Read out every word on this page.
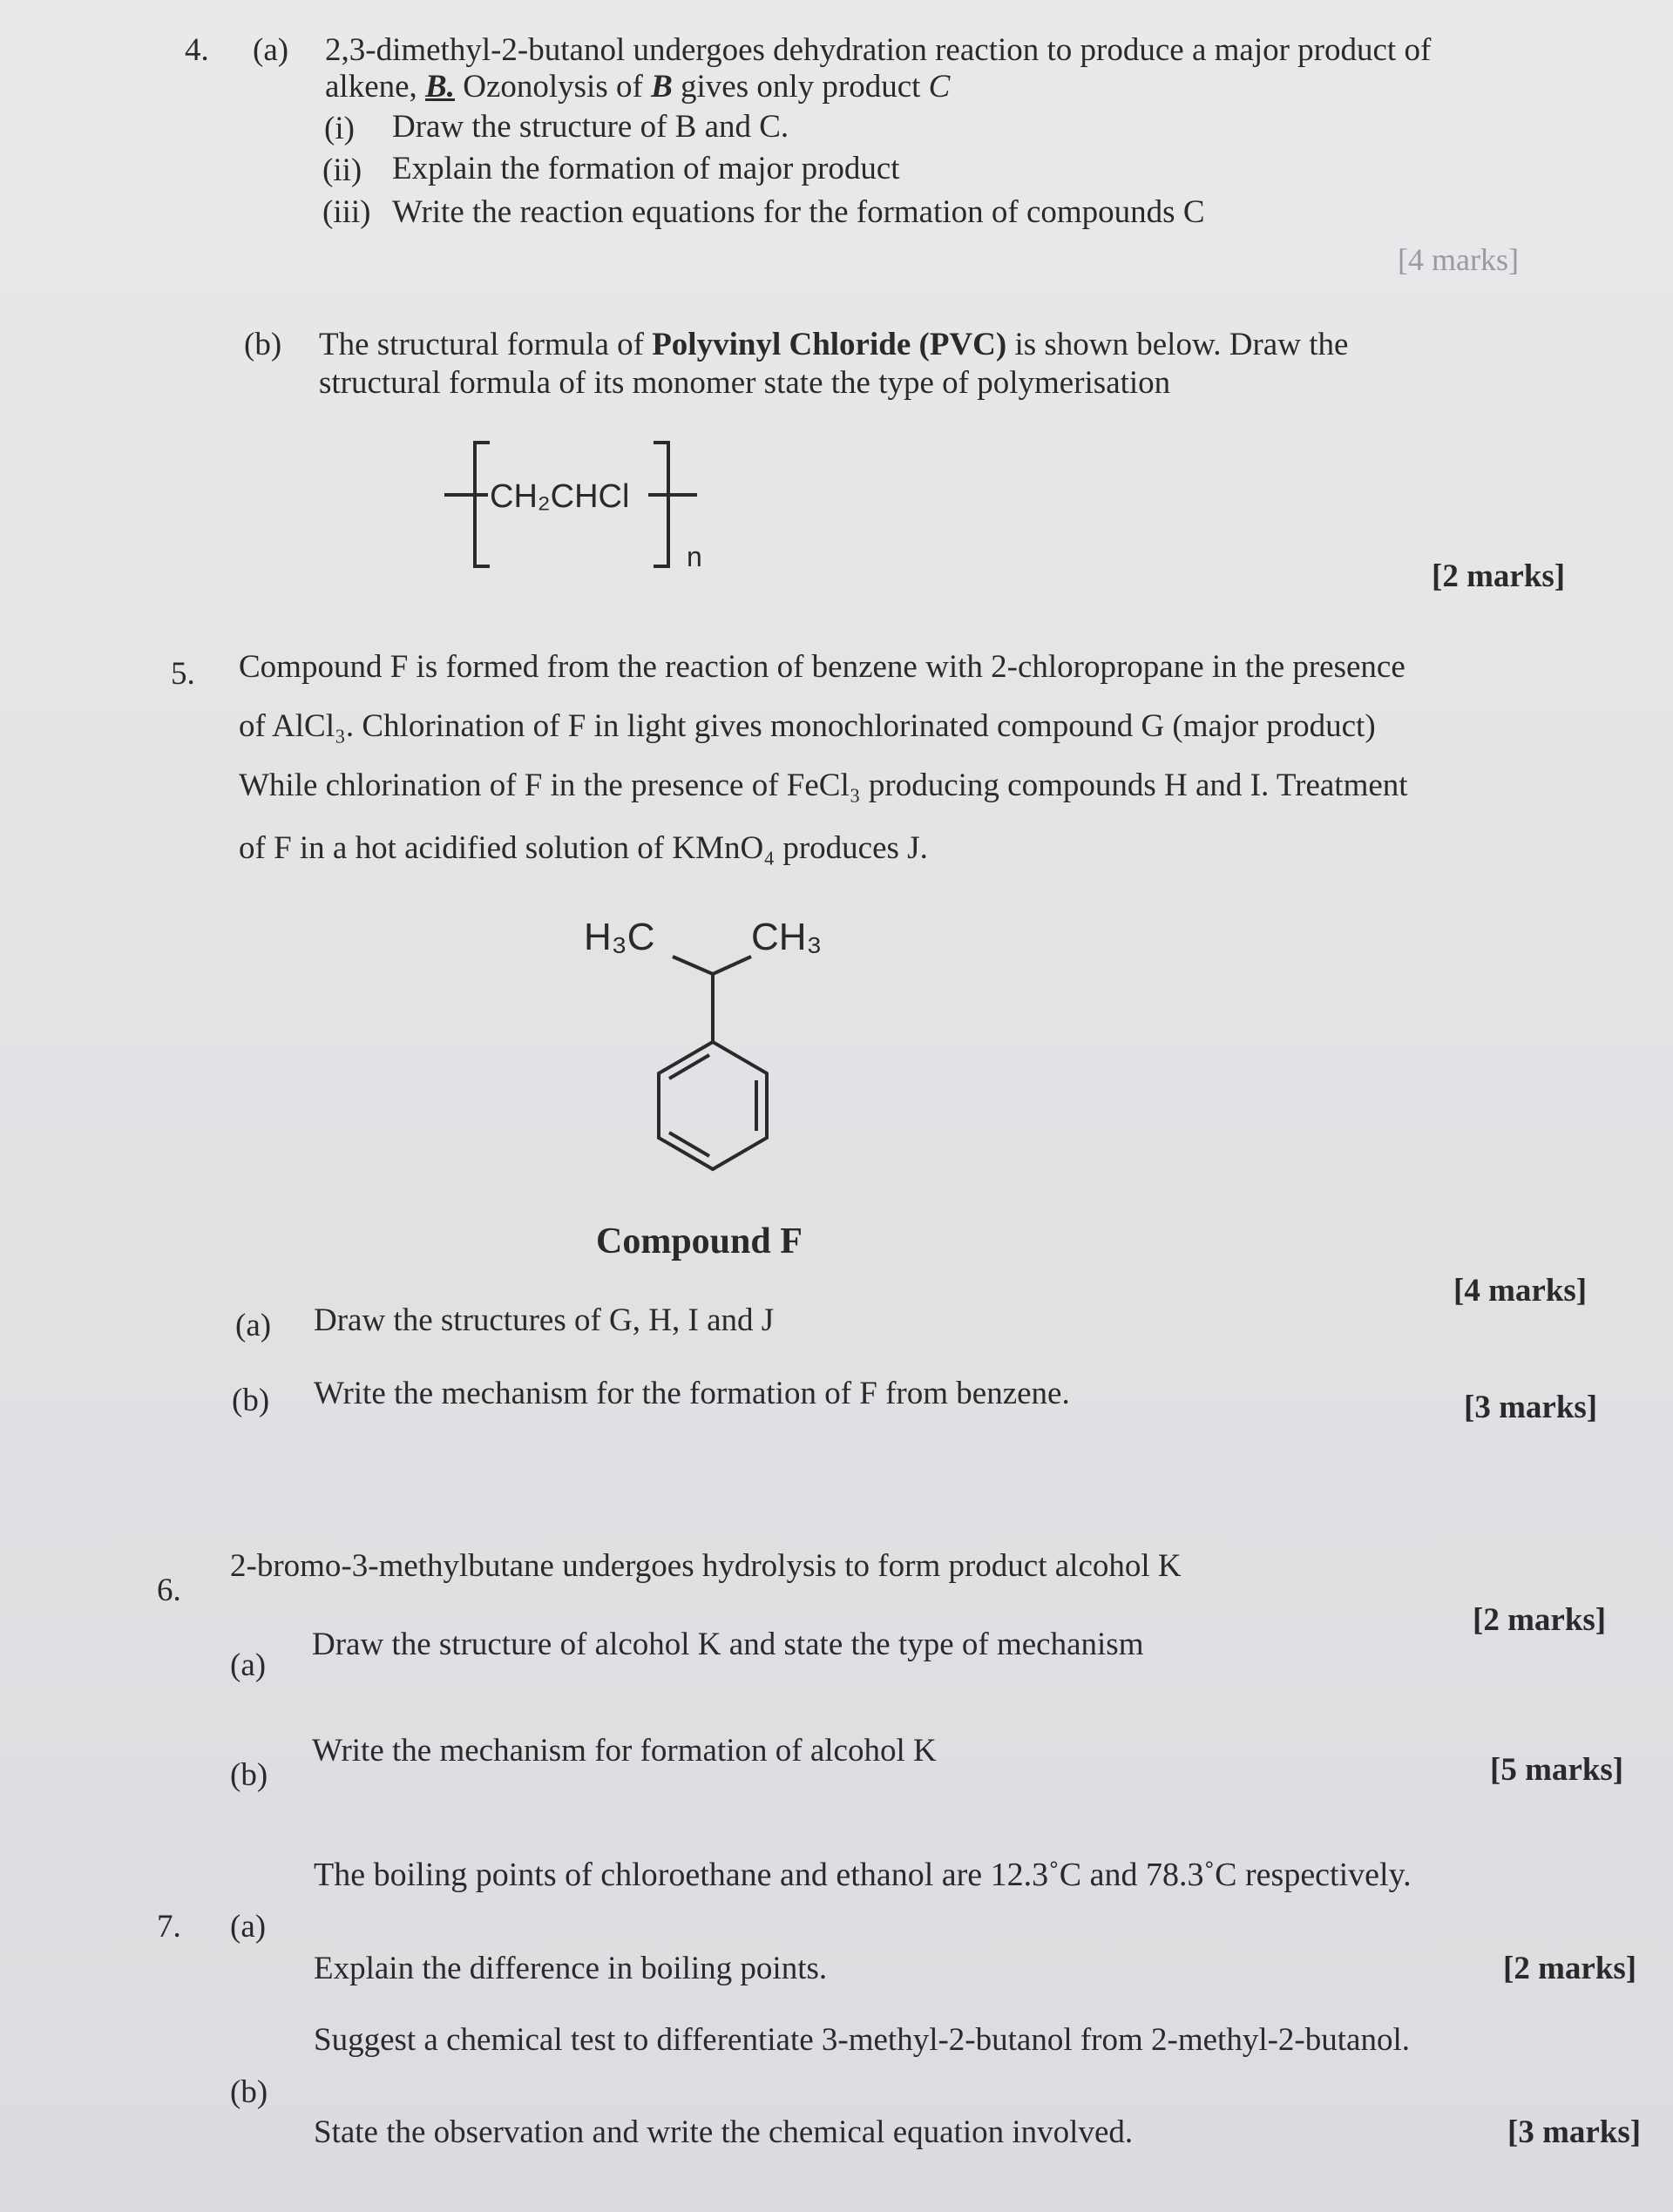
4. (a) 2,3-dimethyl-2-butanol undergoes dehydration reaction to produce a major product of
alkene, B. Ozonolysis of B gives only product C
(i) Draw the structure of B and C.
(ii) Explain the formation of major product
(iii) Write the reaction equations for the formation of compounds C
[4 marks]
(b) The structural formula of Polyvinyl Chloride (PVC) is shown below. Draw the
structural formula of its monomer state the type of polymerisation
CH₂CHCl
n
[2 marks]
5. Compound F is formed from the reaction of benzene with 2-chloropropane in the presence
of AlCl₃. Chlorination of F in light gives monochlorinated compound G (major product)
While chlorination of F in the presence of FeCl₃ producing compounds H and I. Treatment
of F in a hot acidified solution of KMnO₄ produces J.
H₃C	CH₃
Compound F
(a) Draw the structures of G, H, I and J
[4 marks]
(b) Write the mechanism for the formation of F from benzene.	[3 marks]
6.
2-bromo-3-methylbutane undergoes hydrolysis to form product alcohol K
(a)
Draw the structure of alcohol K and state the type of mechanism
[2 marks]
(b)
Write the mechanism for formation of alcohol K
[5 marks]
7. (a)
The boiling points of chloroethane and ethanol are 12.3˚C and 78.3˚C respectively.
Explain the difference in boiling points.	[2 marks]
(b)
Suggest a chemical test to differentiate 3-methyl-2-butanol from 2-methyl-2-butanol.
State the observation and write the chemical equation involved.	[3 marks]
